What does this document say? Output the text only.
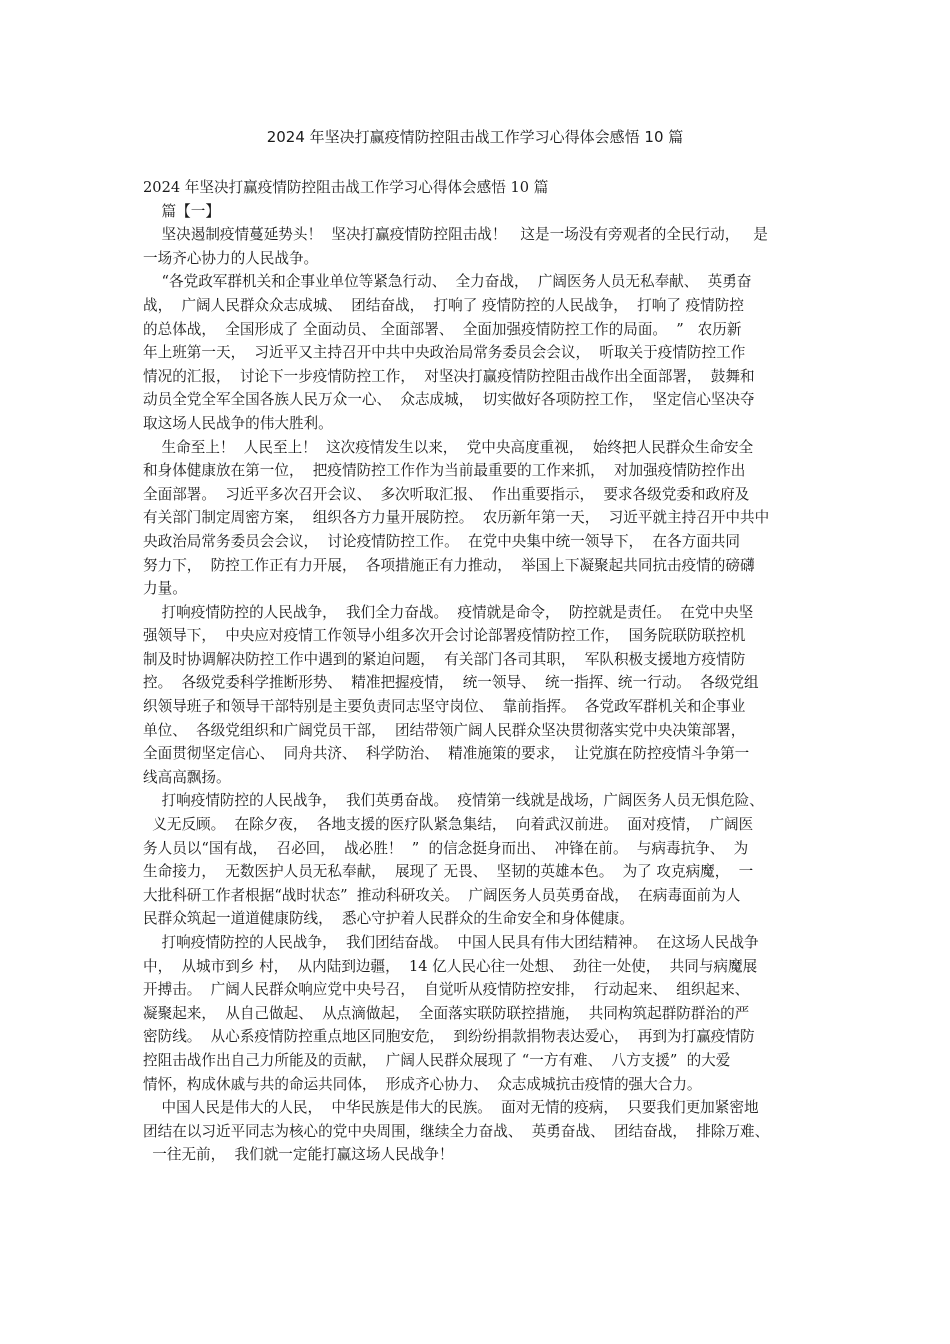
2024 年坚决打赢疫情防控阻击战工作学习心得体会感悟 10 篇
2024 年坚决打赢疫情防控阻击战工作学习心得体会感悟 10 篇
篇【一】
坚决遏制疫情蔓延势头！  坚决打赢疫情防控阻击战！   这是一场没有旁观者的全民行动，   是
一场齐心协力的人民战争。
“各党政军群机关和企事业单位等紧急行动、  全力奋战，  广阔医务人员无私奉献、  英勇奋
战，  广阔人民群众众志成城、  团结奋战，  打响了 疫情防控的人民战争，  打响了 疫情防控
的总体战，  全国形成了 全面动员、 全面部署、  全面加强疫情防控工作的局面。  ”   农历新
年上班第一天，  习近平又主持召开中共中央政治局常务委员会会议，  听取关于疫情防控工作
情况的汇报，  讨论下一步疫情防控工作，  对坚决打赢疫情防控阻击战作出全面部署，  鼓舞和
动员全党全军全国各族人民万众一心、  众志成城，  切实做好各项防控工作，  坚定信心坚决夺
取这场人民战争的伟大胜利。
生命至上！  人民至上！  这次疫情发生以来，  党中央高度重视，  始终把人民群众生命安全
和身体健康放在第一位，  把疫情防控工作作为当前最重要的工作来抓，  对加强疫情防控作出
全面部署。  习近平多次召开会议、  多次听取汇报、  作出重要指示，  要求各级党委和政府及
有关部门制定周密方案，  组织各方力量开展防控。  农历新年第一天，  习近平就主持召开中共中
央政治局常务委员会会议，  讨论疫情防控工作。  在党中央集中统一领导下，  在各方面共同
努力下，  防控工作正有力开展，  各项措施正有力推动，  举国上下凝聚起共同抗击疫情的磅礴
力量。
打响疫情防控的人民战争，  我们全力奋战。  疫情就是命令，  防控就是责任。  在党中央坚
强领导下，  中央应对疫情工作领导小组多次开会讨论部署疫情防控工作，  国务院联防联控机
制及时协调解决防控工作中遇到的紧迫问题，  有关部门各司其职，  军队积极支援地方疫情防
控。  各级党委科学推断形势、  精准把握疫情，  统一领导、  统一指挥、统一行动。  各级党组
织领导班子和领导干部特别是主要负责同志坚守岗位、  靠前指挥。  各党政军群机关和企事业
单位、  各级党组织和广阔党员干部，  团结带领广阔人民群众坚决贯彻落实党中央决策部署，
全面贯彻坚定信心、  同舟共济、  科学防治、  精准施策的要求，  让党旗在防控疫情斗争第一
线高高飘扬。
打响疫情防控的人民战争，  我们英勇奋战。  疫情第一线就是战场，广阔医务人员无惧危险、
义无反顾。  在除夕夜，  各地支援的医疗队紧急集结，  向着武汉前进。  面对疫情，  广阔医
务人员以“国有战，  召必回，  战必胜！  ”  的信念挺身而出、  冲锋在前。  与病毒抗争、  为
生命接力，  无数医护人员无私奉献，  展现了 无畏、  坚韧的英雄本色。  为了 攻克病魔，  一
大批科研工作者根据“战时状态”  推动科研攻关。  广阔医务人员英勇奋战，  在病毒面前为人
民群众筑起一道道健康防线，  悉心守护着人民群众的生命安全和身体健康。
打响疫情防控的人民战争，  我们团结奋战。  中国人民具有伟大团结精神。  在这场人民战争
中，  从城市到乡 村，  从内陆到边疆，  14 亿人民心往一处想、  劲往一处使，  共同与病魔展
开搏击。  广阔人民群众响应党中央号召，  自觉听从疫情防控安排，  行动起来、  组织起来、
凝聚起来，  从自己做起、  从点滴做起，  全面落实联防联控措施，  共同构筑起群防群治的严
密防线。  从心系疫情防控重点地区同胞安危，  到纷纷捐款捐物表达爱心，  再到为打赢疫情防
控阻击战作出自己力所能及的贡献，  广阔人民群众展现了 “一方有难、  八方支援”  的大爱
情怀，构成休戚与共的命运共同体，  形成齐心协力、  众志成城抗击疫情的强大合力。
中国人民是伟大的人民，  中华民族是伟大的民族。  面对无情的疫病，  只要我们更加紧密地
团结在以习近平同志为核心的党中央周围，继续全力奋战、  英勇奋战、  团结奋战，  排除万难、
一往无前，  我们就一定能打赢这场人民战争！
